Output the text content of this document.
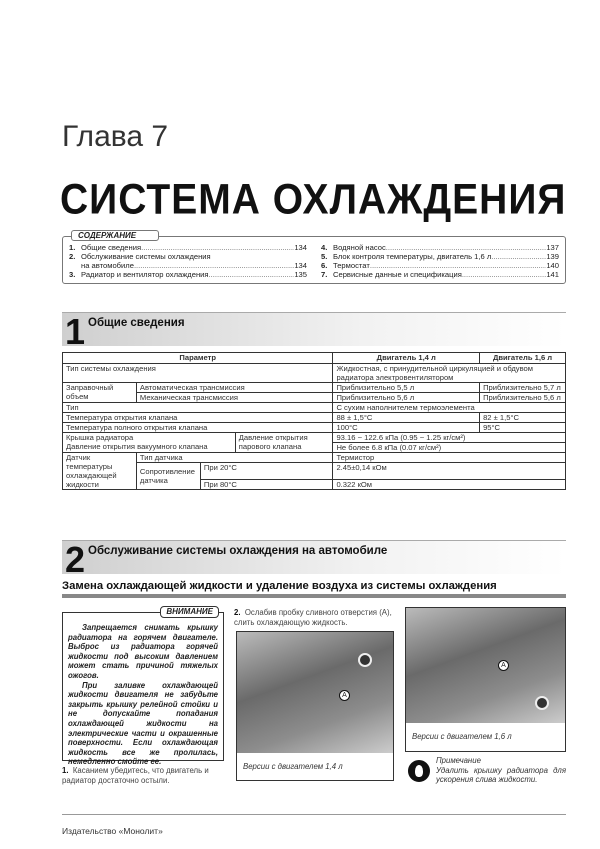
Глава 7
СИСТЕМА ОХЛАЖДЕНИЯ
СОДЕРЖАНИЕ
1. Общие сведения .....	134
2. Обслуживание системы охлаждения
на автомобиле .....	134
3. Радиатор и вентилятор охлаждения .....	135
4. Водяной насос .....	137
5. Блок контроля температуры, двигатель 1,6 л .....	139
6. Термостат .....	140
7. Сервисные данные и спецификация .....	141
1 Общие сведения
Параметр				Двигатель 1,4 л	Двигатель 1,6 л
Тип системы охлаждения				Жидкостная, с принудительной циркуляцией и обдувом радиатора электровентилятором	
Заправочный объем	Автоматическая трансмиссия			Приблизительно 5,5 л	Приблизительно 5,7 л
	Механическая трансмиссия			Приблизительно 5,6 л	Приблизительно 5,6 л
Тип				С сухим наполнителем термоэлемента	
Температура открытия клапана				88 ± 1,5°С	82 ± 1,5°С
Температура полного открытия клапана				100°С	95°С
Крышка радиатора
Давление открытия вакуумного клапана			Давление открытия парового клапана	93.16 ~ 122.6 кПа (0.95 ~ 1.25 кг/см²)	
				Не более 6.8 кПа (0.07 кг/см²)	
Датчик температуры охлаждающей жидкости	Тип датчика			Термистор	
	Сопротивление датчика	При 20°С		2.45±0,14 кОм	
		При 80°С		0.322 кОм	
2 Обслуживание системы охлаждения на автомобиле
Замена охлаждающей жидкости и удаление воздуха из системы охлаждения
ВНИМАНИЕ

Запрещается снимать крышку радиатора на горячем двигателе. Выброс из радиатора горячей жидкости под высоким давлением может стать причиной тяжелых ожогов.

При заливке охлаждающей жидкости двигателя не забудьте закрыть крышку релейной стойки и не допускайте попадания охлаждающей жидкости на электрические части и окрашенные поверхности. Если охлаждающая жидкость все же пролилась, немедленно смойте ее.

1. Касанием убедитесь, что двигатель и радиатор достаточно остыли.
2. Ослабив пробку сливного отверстия (А), слить охлаждающую жидкость.
A
Версии с двигателем 1,4 л
A
Версии с двигателем 1,6 л
Примечание
Удалить крышку радиатора для ускорения слива жидкости.
Издательство «Монолит»
